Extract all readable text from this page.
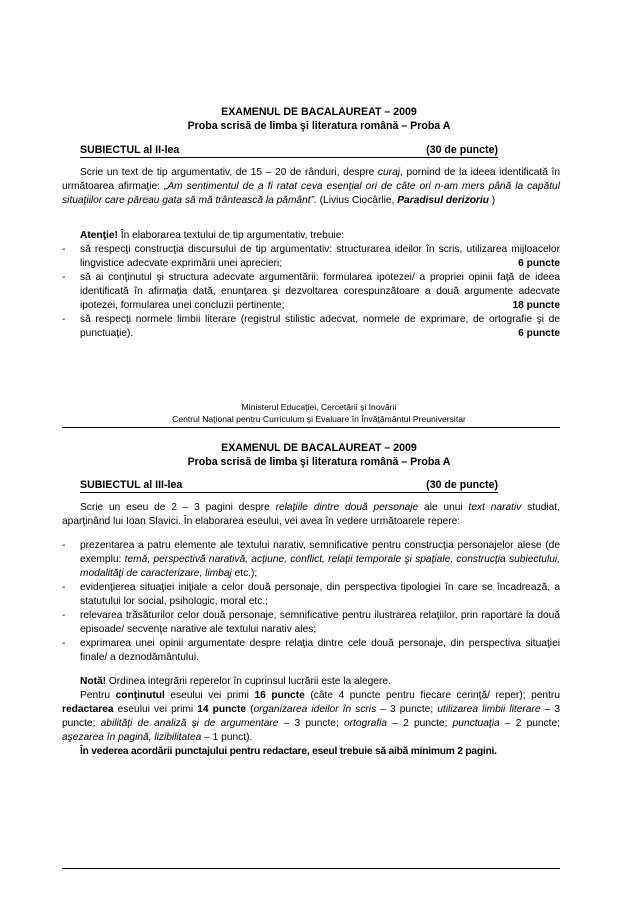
EXAMENUL DE BACALAUREAT – 2009
Proba scrisă de limba şi literatura română – Proba A
SUBIECTUL al II-lea	(30 de puncte)
Scrie un text de tip argumentativ, de 15 – 20 de rânduri, despre curaj, pornind de la ideea identificată în următoarea afirmaţie: „Am sentimentul de a fi ratat ceva esenţial ori de câte ori n-am mers până la capătul situaţiilor care păreau gata să mă trântească la pământ”. (Livius Ciocârlie, Paradisul derizoriu )
Atenţie! În elaborarea textului de tip argumentativ, trebuie:
-	să respecţi construcţia discursului de tip argumentativ: structurarea ideilor în scris, utilizarea mijloacelor lingvistice adecvate exprimării unei aprecieri;	6 puncte
-	să ai conţinutul şi structura adecvate argumentării: formularea ipotezei/ a propriei opinii faţă de ideea identificată în afirmaţia dată, enunţarea şi dezvoltarea corespunzătoare a două argumente adecvate ipotezei, formularea unei concluzii pertinente;	18 puncte
-	să respecţi normele limbii literare (registrul stilistic adecvat, normele de exprimare, de ortografie şi de punctuaţie).	6 puncte
Ministerul Educaţiei, Cercetării şi Inovării
Centrul Naţional pentru Curriculum şi Evaluare în Învăţământul Preuniversitar
EXAMENUL DE BACALAUREAT – 2009
Proba scrisă de limba şi literatura română – Proba A
SUBIECTUL al III-lea	(30 de puncte)
Scrie un eseu de 2 – 3 pagini despre relaţiile dintre două personaje ale unui text narativ studiat, aparţinând lui Ioan Slavici. În elaborarea eseului, vei avea în vedere următoarele repere:
-	prezentarea a patru elemente ale textului narativ, semnificative pentru construcţia personajelor alese (de exemplu: temă, perspectivă narativă, acţiune, conflict, relaţii temporale şi spaţiale, construcţia subiectului, modalităţi de caracterizare, limbaj etc.);
-	evidenţierea situaţiei iniţiale a celor două personaje, din perspectiva tipologiei în care se încadrează, a statutului lor social, psihologic, moral etc.;
-	relevarea trăsăturilor celor două personaje, semnificative pentru ilustrarea relaţiilor, prin raportare la două episoade/ secvenţe narative ale textului narativ ales;
-	exprimarea unei opinii argumentate despre relaţia dintre cele două personaje, din perspectiva situaţiei finale/ a deznodământului.
Notă! Ordinea integrării reperelor în cuprinsul lucrării este la alegere.
Pentru conţinutul eseului vei primi 16 puncte (câte 4 puncte pentru fiecare cerinţă/ reper); pentru redactarea eseului vei primi 14 puncte (organizarea ideilor în scris – 3 puncte; utilizarea limbii literare – 3 puncte; abilităţi de analiză şi de argumentare – 3 puncte; ortografia – 2 puncte; punctuaţia – 2 puncte; aşezarea în pagină, lizibilitatea – 1 punct).
În vederea acordării punctajului pentru redactare, eseul trebuie să aibă minimum 2 pagini.
